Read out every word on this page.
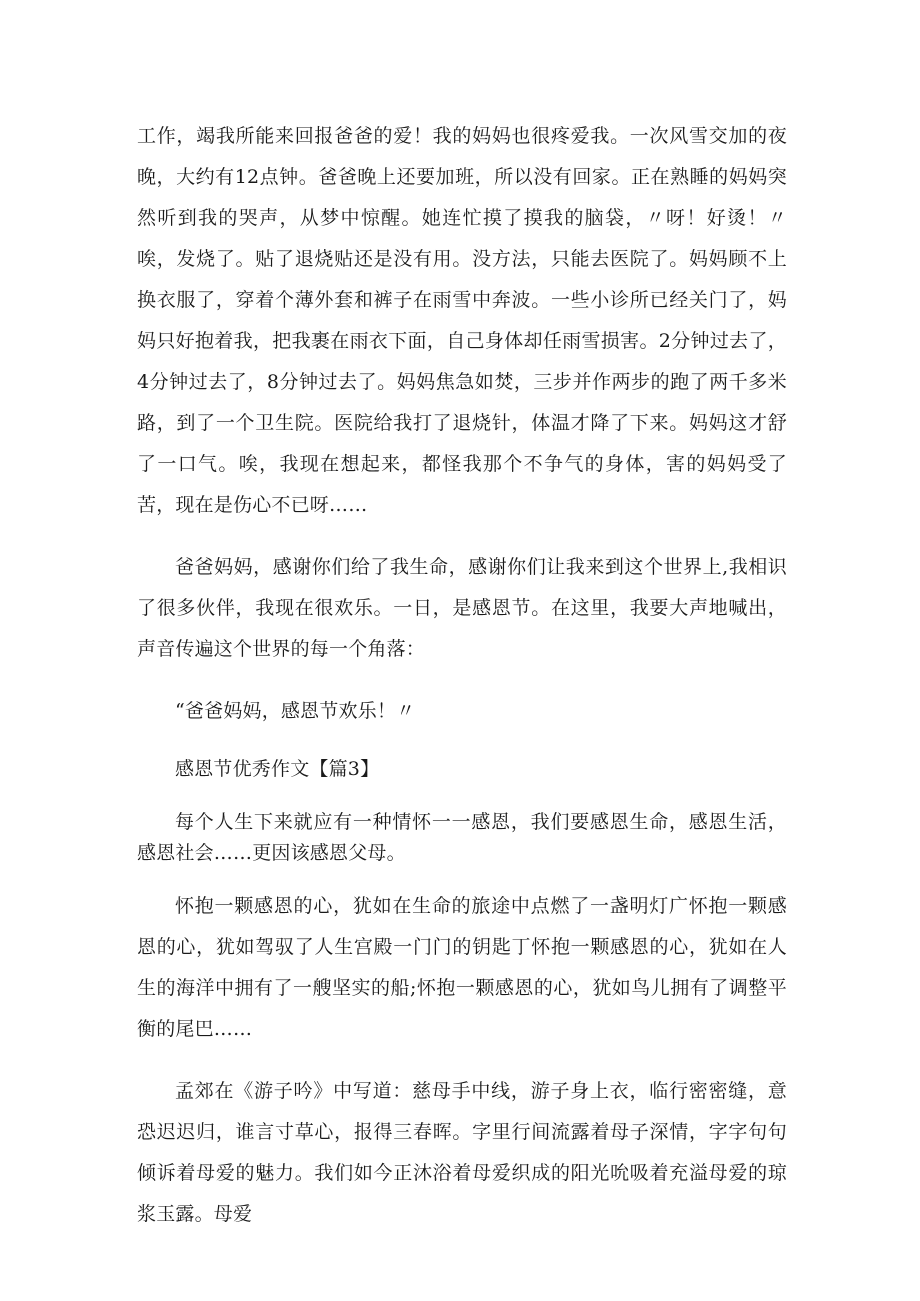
工作，竭我所能来回报爸爸的爱！我的妈妈也很疼爱我。一次风雪交加的夜晚，大约有12点钟。爸爸晚上还要加班，所以没有回家。正在熟睡的妈妈突然听到我的哭声，从梦中惊醒。她连忙摸了摸我的脑袋，〃呀！好烫！〃唉，发烧了。贴了退烧贴还是没有用。没方法，只能去医院了。妈妈顾不上换衣服了，穿着个薄外套和裤子在雨雪中奔波。一些小诊所已经关门了，妈妈只好抱着我，把我裹在雨衣下面，自己身体却任雨雪损害。2分钟过去了，4分钟过去了，8分钟过去了。妈妈焦急如焚，三步并作两步的跑了两千多米路，到了一个卫生院。医院给我打了退烧针，体温才降了下来。妈妈这才舒了一口气。唉，我现在想起来，都怪我那个不争气的身体，害的妈妈受了苦，现在是伤心不已呀……

爸爸妈妈，感谢你们给了我生命，感谢你们让我来到这个世界上,我相识了很多伙伴，我现在很欢乐。一日，是感恩节。在这里，我要大声地喊出，声音传遍这个世界的每一个角落：

“爸爸妈妈，感恩节欢乐！〃

感恩节优秀作文【篇3】

每个人生下来就应有一种情怀一一感恩，我们要感恩生命，感恩生活，感恩社会……更因该感恩父母。

怀抱一颗感恩的心，犹如在生命的旅途中点燃了一盏明灯广怀抱一颗感恩的心，犹如驾驭了人生宫殿一门门的钥匙丁怀抱一颗感恩的心，犹如在人生的海洋中拥有了一艘坚实的船;怀抱一颗感恩的心，犹如鸟儿拥有了调整平衡的尾巴……

孟郊在《游子吟》中写道：慈母手中线，游子身上衣，临行密密缝，意恐迟迟归，谁言寸草心，报得三春晖。字里行间流露着母子深情，字字句句倾诉着母爱的魅力。我们如今正沐浴着母爱织成的阳光吮吸着充溢母爱的琼浆玉露。母爱
